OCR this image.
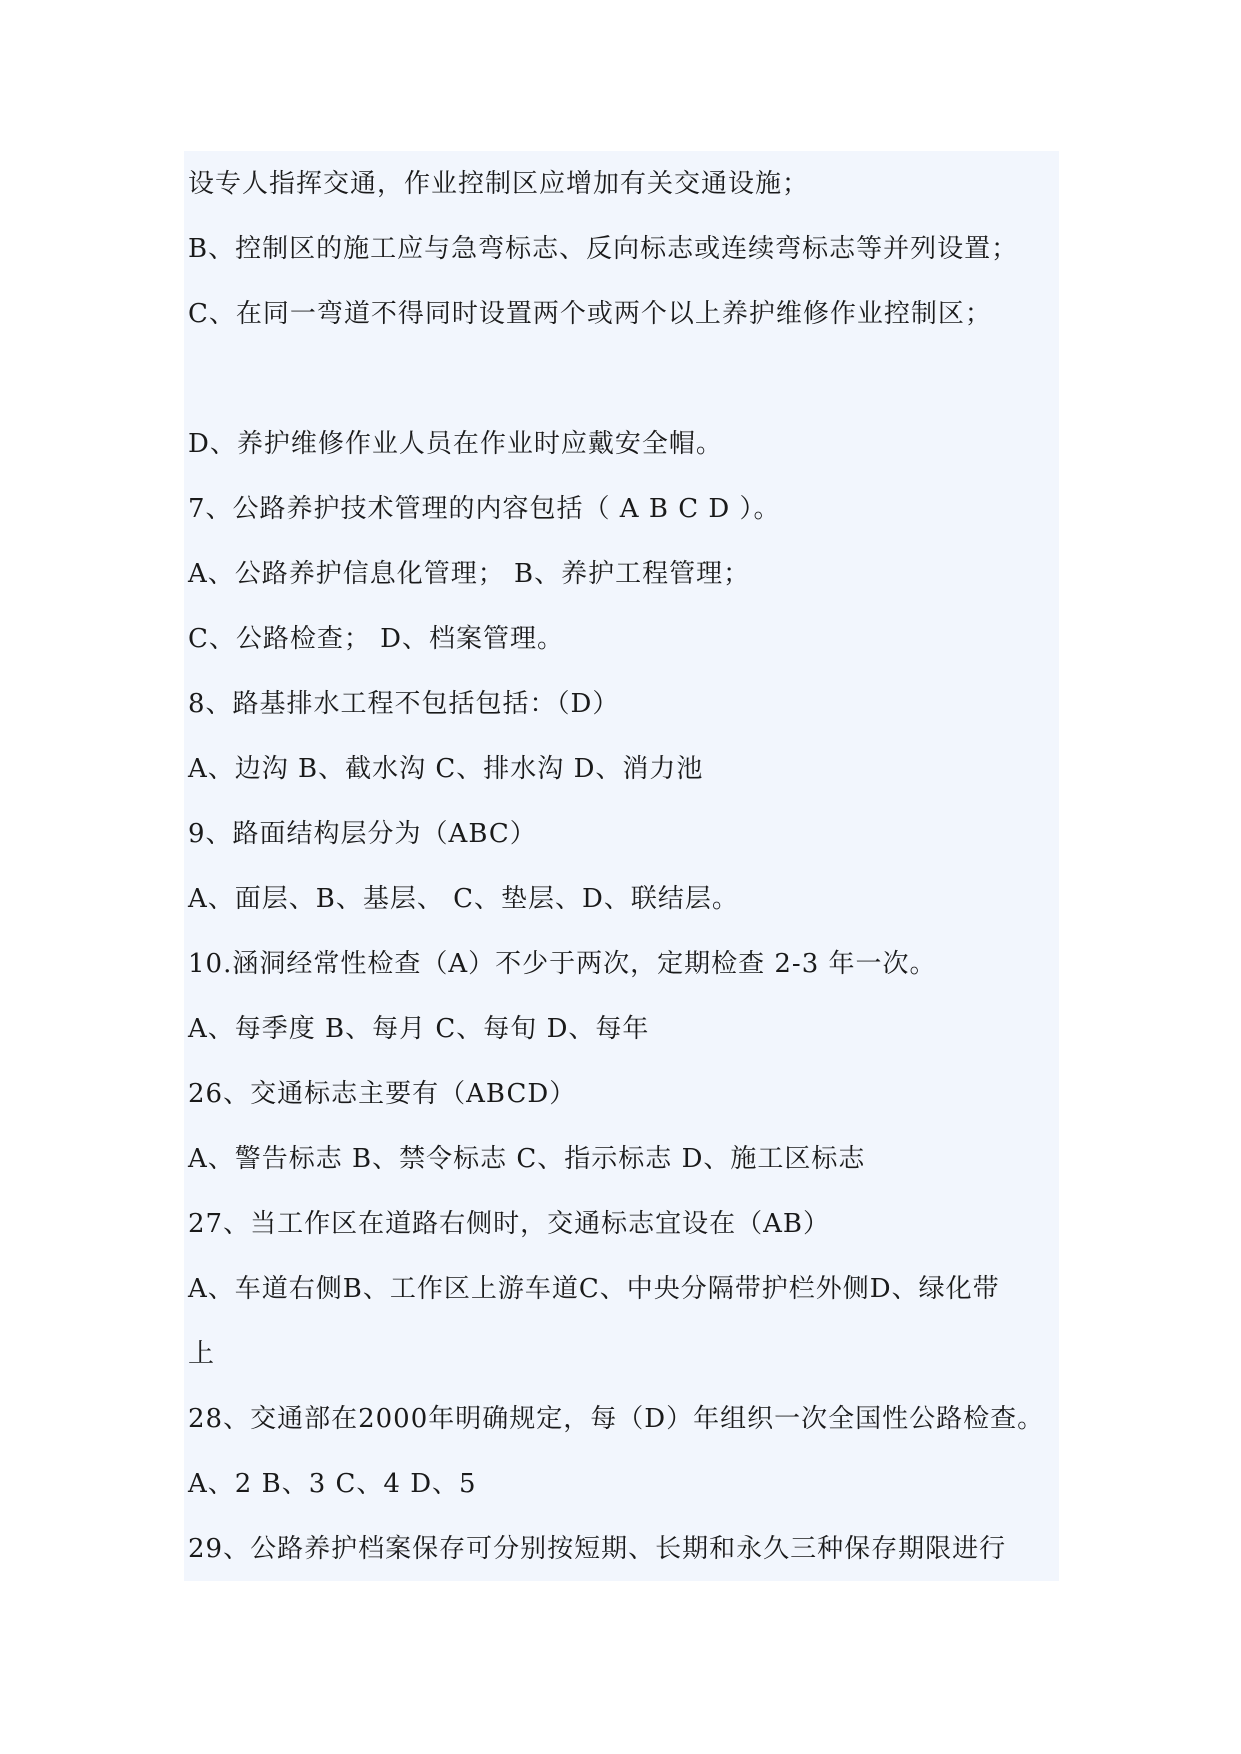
设专人指挥交通，作业控制区应增加有关交通设施；
B、控制区的施工应与急弯标志、反向标志或连续弯标志等并列设置；
C、在同一弯道不得同时设置两个或两个以上养护维修作业控制区；
D、养护维修作业人员在作业时应戴安全帽。
7、公路养护技术管理的内容包括（ A B C D ）。
A、公路养护信息化管理； B、养护工程管理；
C、公路检查； D、档案管理。
8、路基排水工程不包括包括：（D）
A、边沟 B、截水沟 C、排水沟 D、消力池
9、路面结构层分为（ABC）
A、面层、B、基层、 C、垫层、D、联结层。
10.涵洞经常性检查（A）不少于两次，定期检查 2-3 年一次。
A、每季度 B、每月 C、每旬 D、每年
26、交通标志主要有（ABCD）
A、警告标志 B、禁令标志 C、指示标志 D、施工区标志
27、当工作区在道路右侧时，交通标志宜设在（AB）
A、车道右侧B、工作区上游车道C、中央分隔带护栏外侧D、绿化带
上
28、交通部在2000年明确规定，每（D）年组织一次全国性公路检查。
A、2 B、3 C、4 D、5
29、公路养护档案保存可分别按短期、长期和永久三种保存期限进行
